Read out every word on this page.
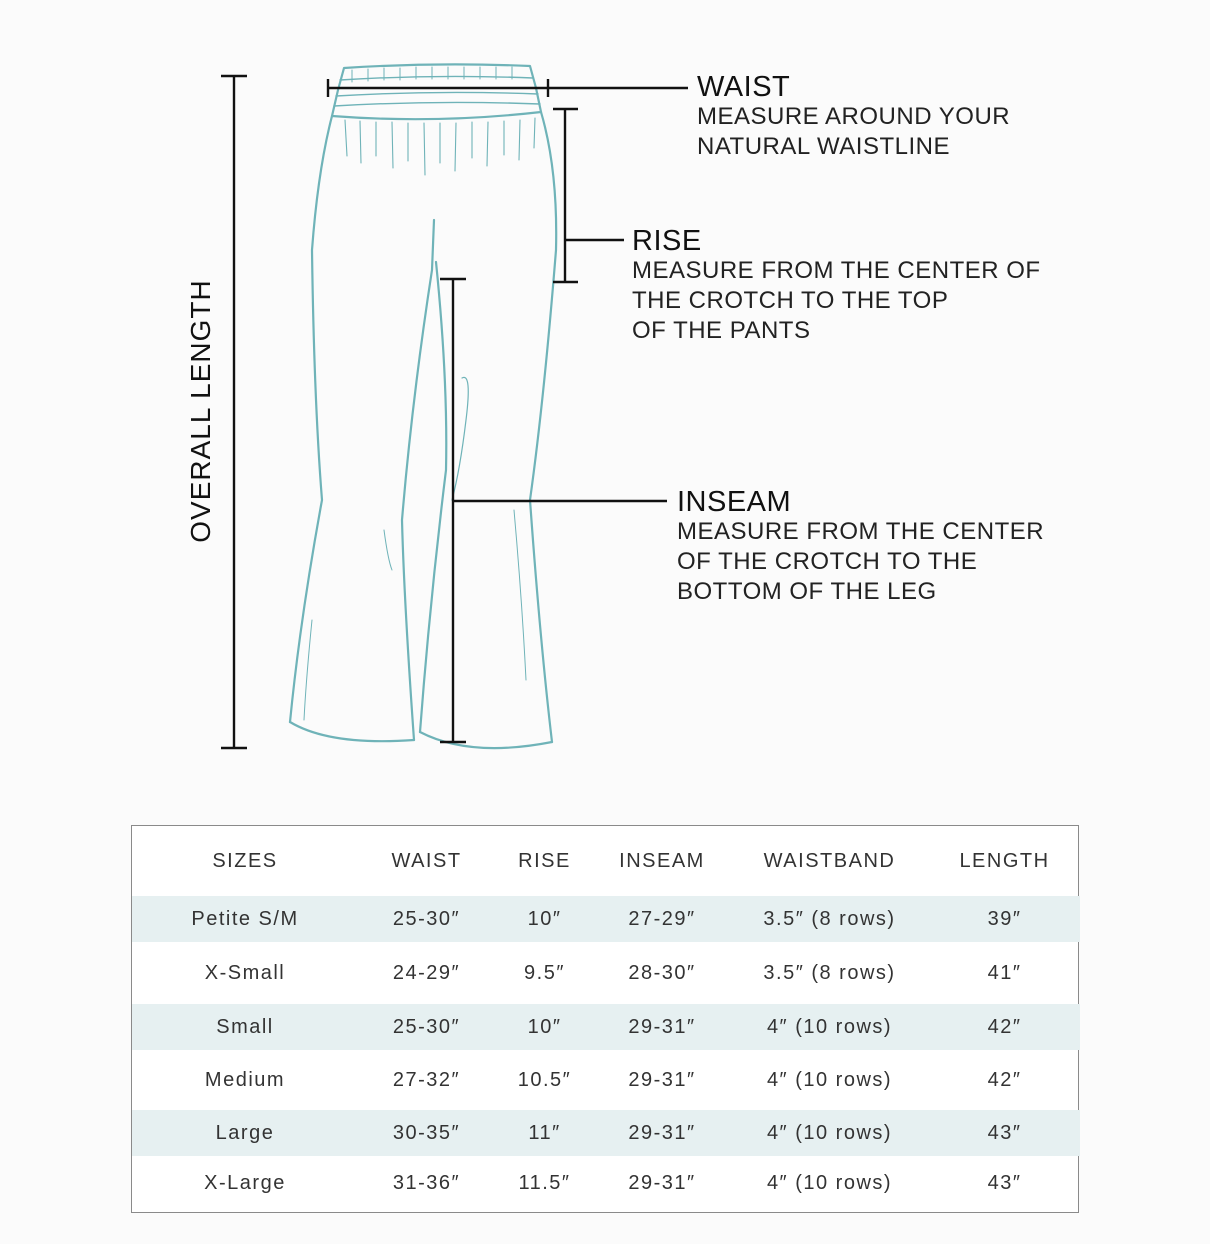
OVERALL LENGTH
WAIST
MEASURE AROUND YOUR
NATURAL WAISTLINE
RISE
MEASURE FROM THE CENTER OF
THE CROTCH TO THE TOP
OF THE PANTS
INSEAM
MEASURE FROM THE CENTER
OF THE CROTCH TO THE
BOTTOM OF THE LEG
SIZES	WAIST	RISE	INSEAM	WAISTBAND	LENGTH
Petite S/M	25-30″	10″	27-29″	3.5″ (8 rows)	39″
X-Small	24-29″	9.5″	28-30″	3.5″ (8 rows)	41″
Small	25-30″	10″	29-31″	4″ (10 rows)	42″
Medium	27-32″	10.5″	29-31″	4″ (10 rows)	42″
Large	30-35″	11″	29-31″	4″ (10 rows)	43″
X-Large	31-36″	11.5″	29-31″	4″ (10 rows)	43″
